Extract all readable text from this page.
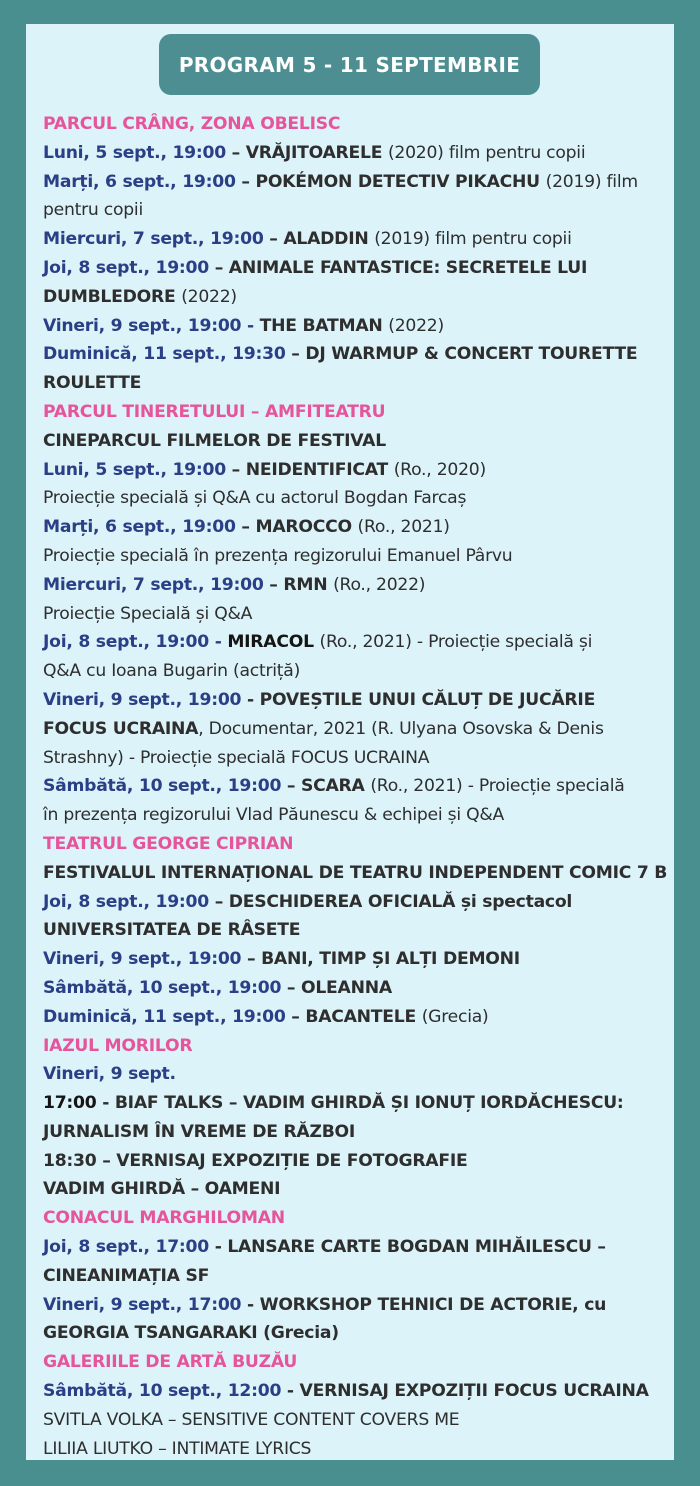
PROGRAM 5 - 11 SEPTEMBRIE
PARCUL CRÂNG, ZONA OBELISC
Luni, 5 sept., 19:00 – VRĂJITOARELE (2020) film pentru copii
Marți, 6 sept., 19:00 – POKÉMON DETECTIV PIKACHU (2019) film
pentru copii
Miercuri, 7 sept., 19:00 – ALADDIN (2019) film pentru copii
Joi, 8 sept., 19:00 – ANIMALE FANTASTICE: SECRETELE LUI
DUMBLEDORE (2022)
Vineri, 9 sept., 19:00 - THE BATMAN (2022)
Duminică, 11 sept., 19:30 – DJ WARMUP & CONCERT TOURETTE
ROULETTE
PARCUL TINERETULUI – AMFITEATRU
CINEPARCUL FILMELOR DE FESTIVAL
Luni, 5 sept., 19:00 – NEIDENTIFICAT (Ro., 2020)
Proiecție specială și Q&A cu actorul Bogdan Farcaș
Marți, 6 sept., 19:00 – MAROCCO (Ro., 2021)
Proiecție specială în prezența regizorului Emanuel Pârvu
Miercuri, 7 sept., 19:00 – RMN (Ro., 2022)
Proiecție Specială și Q&A
Joi, 8 sept., 19:00 - MIRACOL (Ro., 2021) - Proiecție specială și
Q&A cu Ioana Bugarin (actriță)
Vineri, 9 sept., 19:00 - POVEȘTILE UNUI CĂLUȚ DE JUCĂRIE
FOCUS UCRAINA, Documentar, 2021 (R. Ulyana Osovska & Denis
Strashny) - Proiecție specială FOCUS UCRAINA
Sâmbătă, 10 sept., 19:00 – SCARA (Ro., 2021) - Proiecție specială
în prezența regizorului Vlad Păunescu & echipei și Q&A
TEATRUL GEORGE CIPRIAN
FESTIVALUL INTERNAȚIONAL DE TEATRU INDEPENDENT COMIC 7 B
Joi, 8 sept., 19:00 – DESCHIDEREA OFICIALĂ și spectacol
UNIVERSITATEA DE RÂSETE
Vineri, 9 sept., 19:00 – BANI, TIMP ȘI ALȚI DEMONI
Sâmbătă, 10 sept., 19:00 – OLEANNA
Duminică, 11 sept., 19:00 – BACANTELE (Grecia)
IAZUL MORILOR
Vineri, 9 sept.
17:00 - BIAF TALKS – VADIM GHIRDĂ ȘI IONUȚ IORDĂCHESCU:
JURNALISM ÎN VREME DE RĂZBOI
18:30 – VERNISAJ EXPOZIȚIE DE FOTOGRAFIE
VADIM GHIRDĂ – OAMENI
CONACUL MARGHILOMAN
Joi, 8 sept., 17:00 - LANSARE CARTE BOGDAN MIHĂILESCU –
CINEANIMAȚIA SF
Vineri, 9 sept., 17:00 - WORKSHOP TEHNICI DE ACTORIE, cu
GEORGIA TSANGARAKI (Grecia)
GALERIILE DE ARTĂ BUZĂU
Sâmbătă, 10 sept., 12:00 - VERNISAJ EXPOZIȚII FOCUS UCRAINA
SVITLA VOLKA – SENSITIVE CONTENT COVERS ME
LILIIA LIUTKO – INTIMATE LYRICS
